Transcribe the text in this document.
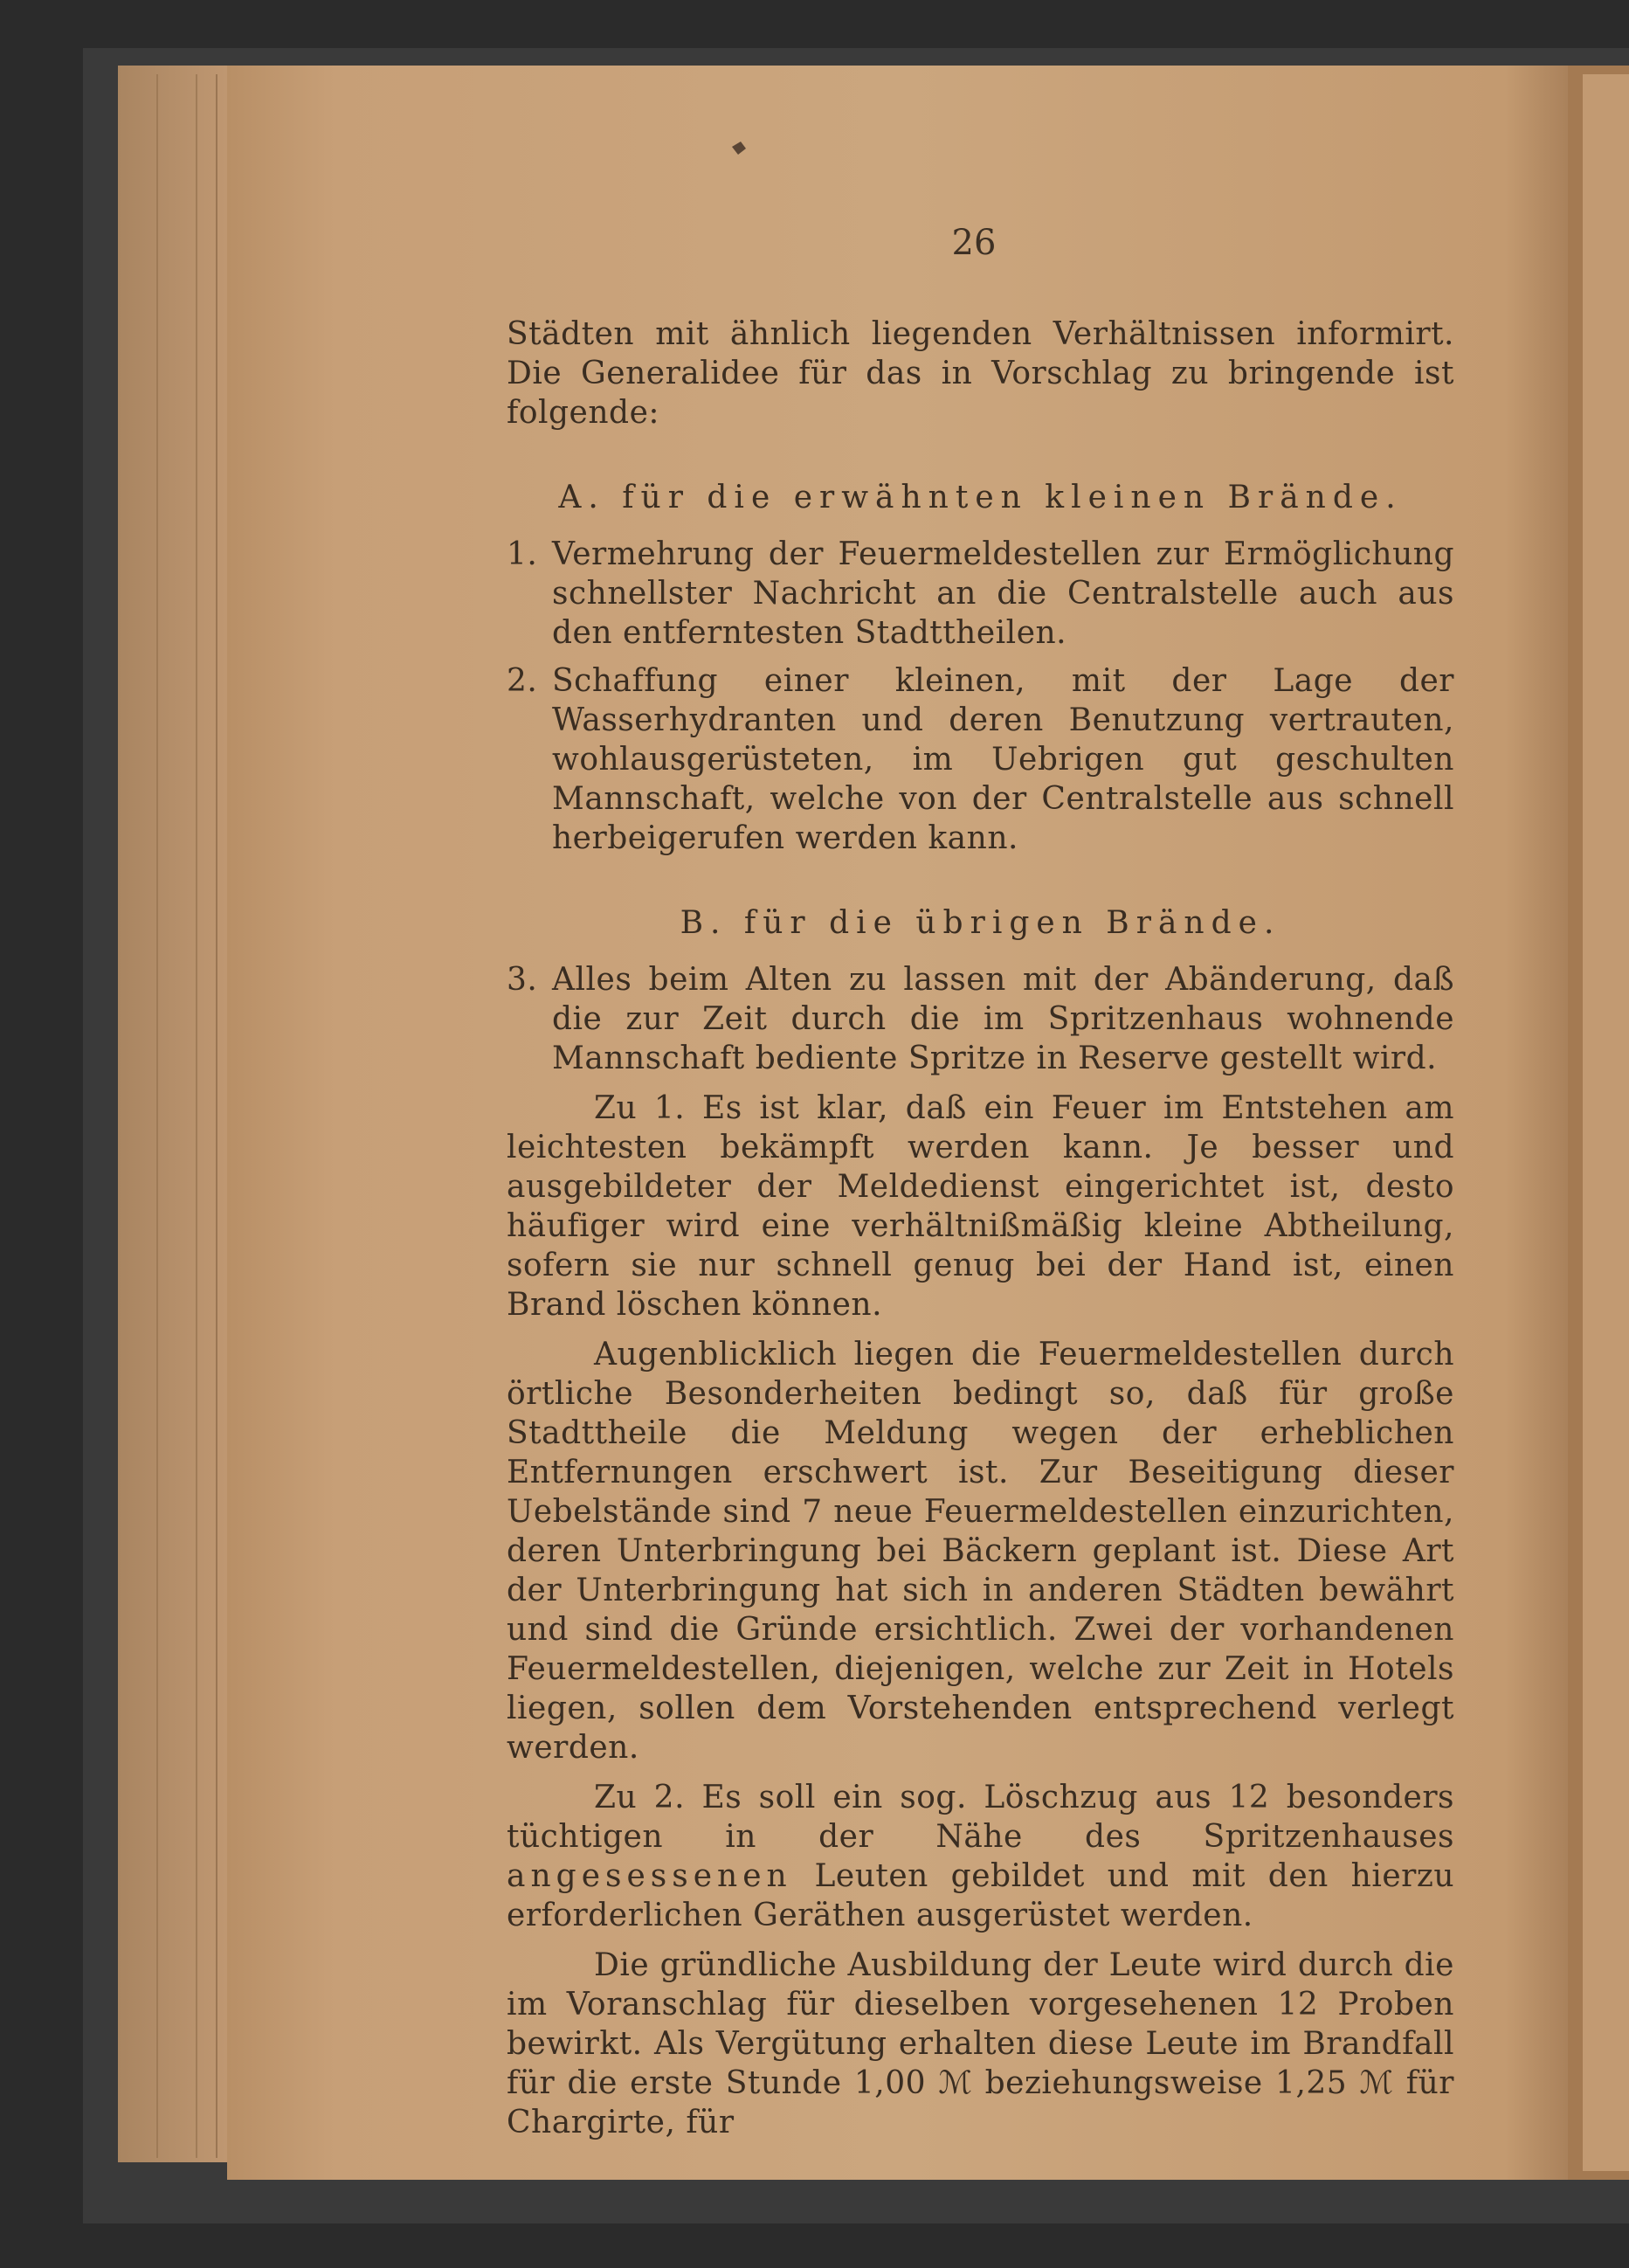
26

Städten mit ähnlich liegenden Verhältnissen informirt. Die Generalidee für das in Vorschlag zu bringende ist folgende:

A. für die erwähnten kleinen Brände.
1. Vermehrung der Feuermeldestellen zur Ermöglichung schnellster Nachricht an die Centralstelle auch aus den entferntesten Stadttheilen.
2. Schaffung einer kleinen, mit der Lage der Wasserhydranten und deren Benutzung vertrauten, wohlausgerüsteten, im Uebrigen gut geschulten Mannschaft, welche von der Centralstelle aus schnell herbeigerufen werden kann.
B. für die übrigen Brände.
3. Alles beim Alten zu lassen mit der Abänderung, daß die zur Zeit durch die im Spritzenhaus wohnende Mannschaft bediente Spritze in Reserve gestellt wird.

Zu 1. Es ist klar, daß ein Feuer im Entstehen am leichtesten bekämpft werden kann. Je besser und ausgebildeter der Meldedienst eingerichtet ist, desto häufiger wird eine verhältnißmäßig kleine Abtheilung, sofern sie nur schnell genug bei der Hand ist, einen Brand löschen können.

Augenblicklich liegen die Feuermeldestellen durch örtliche Besonderheiten bedingt so, daß für große Stadttheile die Meldung wegen der erheblichen Entfernungen erschwert ist. Zur Beseitigung dieser Uebelstände sind 7 neue Feuermeldestellen einzurichten, deren Unterbringung bei Bäckern geplant ist. Diese Art der Unterbringung hat sich in anderen Städten bewährt und sind die Gründe ersichtlich. Zwei der vorhandenen Feuermeldestellen, diejenigen, welche zur Zeit in Hotels liegen, sollen dem Vorstehenden entsprechend verlegt werden.

Zu 2. Es soll ein sog. Löschzug aus 12 besonders tüchtigen in der Nähe des Spritzenhauses angesessenen Leuten gebildet und mit den hierzu erforderlichen Geräthen ausgerüstet werden.

Die gründliche Ausbildung der Leute wird durch die im Voranschlag für dieselben vorgesehenen 12 Proben bewirkt. Als Vergütung erhalten diese Leute im Brandfall für die erste Stunde 1,00 ℳ beziehungsweise 1,25 ℳ für Chargirte, für
